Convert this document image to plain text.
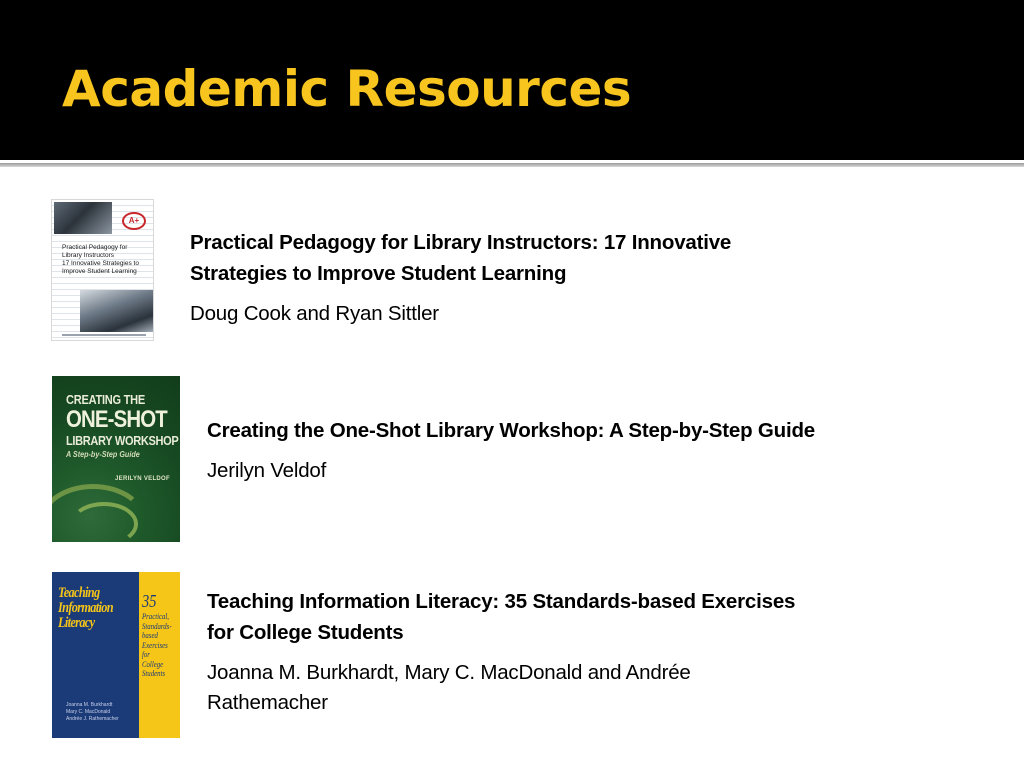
Academic Resources
A+
Practical Pedagogy for
Library Instructors
17 Innovative Strategies to
Improve Student Learning

Practical Pedagogy for Library Instructors: 17 Innovative Strategies to Improve Student Learning

Doug Cook and Ryan Sittler

CREATING THE
ONE-SHOT
LIBRARY WORKSHOP
A Step-by-Step Guide
JERILYN VELDOF

Creating the One-Shot Library Workshop: A Step-by-Step Guide

Jerilyn Veldof

Teaching
Information
Literacy
35
Practical,
Standards-
based
Exercises
for
College
Students
Joanna M. Burkhardt
Mary C. MacDonald
Andrée J. Rathemacher

Teaching Information Literacy: 35 Standards-based Exercises for College Students

Joanna M. Burkhardt, Mary C. MacDonald and Andrée Rathemacher
